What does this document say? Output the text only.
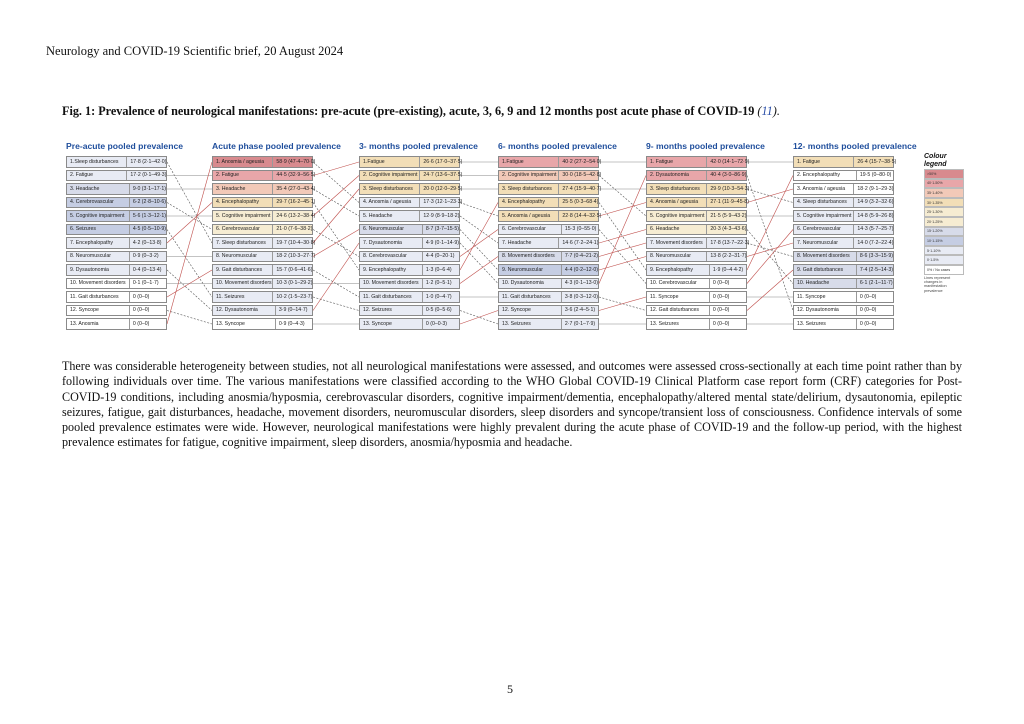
Neurology and COVID-19 Scientific brief, 20 August 2024
Fig. 1: Prevalence of neurological manifestations: pre-acute (pre-existing), acute, 3, 6, 9 and 12 months post acute phase of COVID-19 (11).
Pre-acute pooled prevalence
1.Sleep disturbances	17·8 (2·1–42·0)
2. Fatigue	17·2 (0·1–49·3)
3. Headache	9·0 (3·1–17·1)
4. Cerebrovascular	6·2 (2·8–10·6)
5. Cognitive impairment	5·6 (1·3–12·1)
6. Seizures	4·5 (0·5–10·9)
7. Encephalopathy	4·2 (0–13·8)
8. Neuromuscular	0·9 (0–3·2)
9. Dysautonomia	0·4 (0–13·4)
10. Movement disorders	0·1 (0–1·7)
11. Gait disturbances	0 (0–0)
12. Syncope	0 (0–0)
13. Anosmia	0 (0–0)
Acute phase pooled prevalence
1. Anosmia / ageusia	58·9 (47·4–70·0)
2. Fatigue	44·5 (32·9–56·5)
3. Headache	35·4 (27·0–43·4)
4. Encephalopathy	29·7 (16·2–45·1)
5. Cognitive impairment	24·6 (13·2–38·4)
6. Cerebrovascular	21·0 (7·6–38·2)
7. Sleep disturbances	19·7 (10·4–30·8)
8. Neuromuscular	18·2 (10·3–27·7)
9. Gait disturbances	15·7 (0·6–41·6)
10. Movement disorders 10·3 (0·1–29·2)
11. Seizures	10·2 (1·5–23·7)
12. Dysautonomia	3·9 (0–14·7)
13. Syncope	0·9 (0–4·3)
3- months pooled prevalence
1.Fatigue	26·6 (17·0–37·5)
2. Cognitive impairment	24·7 (13·6–37·5)
3. Sleep disturbances	20·0 (12·0–29·5)
4. Anosmia / ageusia	17·3 (12·1–23·3)
5. Headache	12·9 (8·9–18·2)
6. Neuromuscular	8·7 (3·7–15·5)
7. Dysautonomia	4·9 (0·1–14·9)
8. Cerebrovascular	4·4 (0–20·1)
9. Encephalopathy	1·3 (0–6·4)
10. Movement disorders	1·2 (0–5·1)
11. Gait disturbances	1·0 (0–4·7)
12. Seizures	0·5 (0–5·6)
13. Syncope	0 (0–0·3)
6- months pooled prevalence
1.Fatigue	40·2 (27·2–54·0)
2. Cognitive impairment	30·0 (18·5–42·8)
3. Sleep disturbances	27·4 (15·9–40·7)
4. Encephalopathy	25·5 (0·3–68·4)
5. Anosmia / ageusia	22·8 (14·4–32·5)
6. Cerebrovascular	15·3 (0–55·0)
7. Headache	14·6 (7·2–24·1)
8. Movement disorders	7·7 (0·4–21·2)
9. Neuromuscular	4·4 (0·2–12·0)
10. Dysautonomia	4·3 (0·1–13·0)
11. Gait disturbances	3·8 (0·3–12·0)
12. Syncope	3·6 (2·4–5·1)
13. Seizures	2·7 (0·1–7·9)
9- months pooled prevalence
1. Fatigue	42·0 (14·1–72·9)
2. Dysautonomia	40·4 (3·0–86·9)
3. Sleep disturbances	29·9 (10·3–54·3)
4. Anosmia / ageusia	27·1 (11·9–45·8)
5. Cognitive impairment	21·5 (5·9–43·2)
6. Headache	20·3 (4·3–43·6)
7. Movement disorders	17·8 (13·7–22·3)
8. Neuromuscular	13·8 (2·2–31·7)
9. Encephalopathy	1·9 (0–4·4·2)
10. Cerebrovascular	0 (0–0)
11. Syncope	0 (0–0)
12. Gait disturbances	0 (0–0)
13. Seizures	0 (0–0)
12- months pooled prevalence
1. Fatigue	26·4 (15·7–38·5)
2. Encephalopathy	19·5 (0–80·0)
3. Anosmia / ageusia	18·2 (9·1–29·3)
4. Sleep disturbances	14·9 (3·2–32·6)
5. Cognitive impairment	14·8 (5·9–26·8)
6. Cerebrovascular	14·3 (5·7–25·7)
7. Neuromuscular	14·0 (7·2–22·4)
8. Movement disorders	8·6 (3·3–15·9)
9. Gait disturbances	7·4 (2·5–14·3)
10. Headache	6·1 (2·1–11·7)
11. Syncope	0 (0–0)
12. Dysautonomia	0 (0–0)
13. Seizures	0 (0–0)
Colour legend
>50%
40·1-50%
35·1-40%
30·1-35%
25·1-30%
20·1-25%
15·1-20%
10·1-15%
5·1-10%
0·1-5%
0% / No cases
Lines represent changes in manifestation prevalence
There was considerable heterogeneity between studies, not all neurological manifestations were assessed, and outcomes were assessed cross-sectionally at each time point rather than by following individuals over time. The various manifestations were classified according to the WHO Global COVID-19 Clinical Platform case report form (CRF) categories for Post-COVID-19 conditions, including anosmia/hyposmia, cerebrovascular disorders, cognitive impairment/dementia, encephalopathy/altered mental state/delirium, dysautonomia, epileptic seizures, fatigue, gait disturbances, headache, movement disorders, neuromuscular disorders, sleep disorders and syncope/transient loss of consciousness. Confidence intervals of some pooled prevalence estimates were wide. However, neurological manifestations were highly prevalent during the acute phase of COVID-19 and the follow-up period, with the highest prevalence estimates for fatigue, cognitive impairment, sleep disorders, anosmia/hyposmia and headache.
5
